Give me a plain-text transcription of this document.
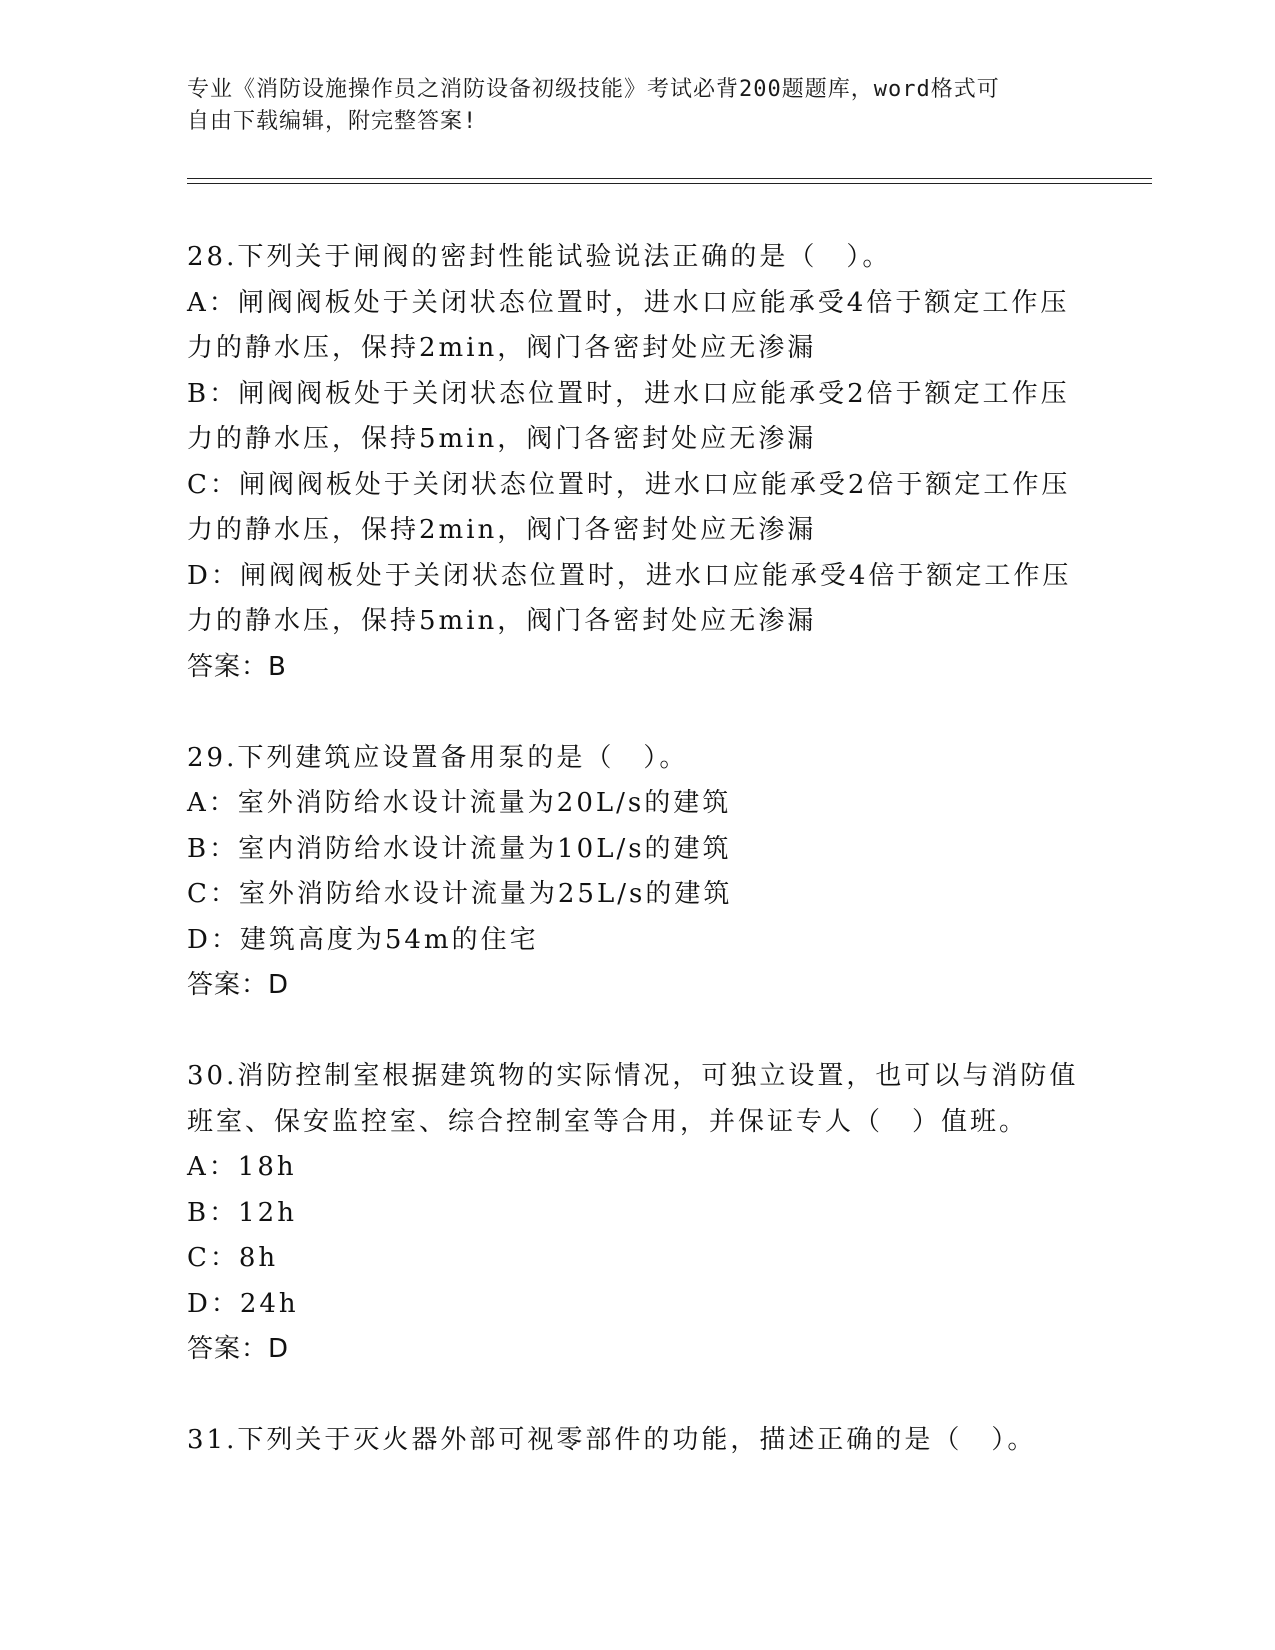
专业《消防设施操作员之消防设备初级技能》考试必背200题题库，word格式可
自由下载编辑，附完整答案!
28.下列关于闸阀的密封性能试验说法正确的是（　）。
A：闸阀阀板处于关闭状态位置时，进水口应能承受4倍于额定工作压
力的静水压，保持2min，阀门各密封处应无渗漏
B：闸阀阀板处于关闭状态位置时，进水口应能承受2倍于额定工作压
力的静水压，保持5min，阀门各密封处应无渗漏
C：闸阀阀板处于关闭状态位置时，进水口应能承受2倍于额定工作压
力的静水压，保持2min，阀门各密封处应无渗漏
D：闸阀阀板处于关闭状态位置时，进水口应能承受4倍于额定工作压
力的静水压，保持5min，阀门各密封处应无渗漏
答案：B
29.下列建筑应设置备用泵的是（　）。
A：室外消防给水设计流量为20L/s的建筑
B：室内消防给水设计流量为10L/s的建筑
C：室外消防给水设计流量为25L/s的建筑
D：建筑高度为54m的住宅
答案：D
30.消防控制室根据建筑物的实际情况，可独立设置，也可以与消防值
班室、保安监控室、综合控制室等合用，并保证专人（　）值班。
A：18h
B：12h
C：8h
D：24h
答案：D
31.下列关于灭火器外部可视零部件的功能，描述正确的是（　）。
